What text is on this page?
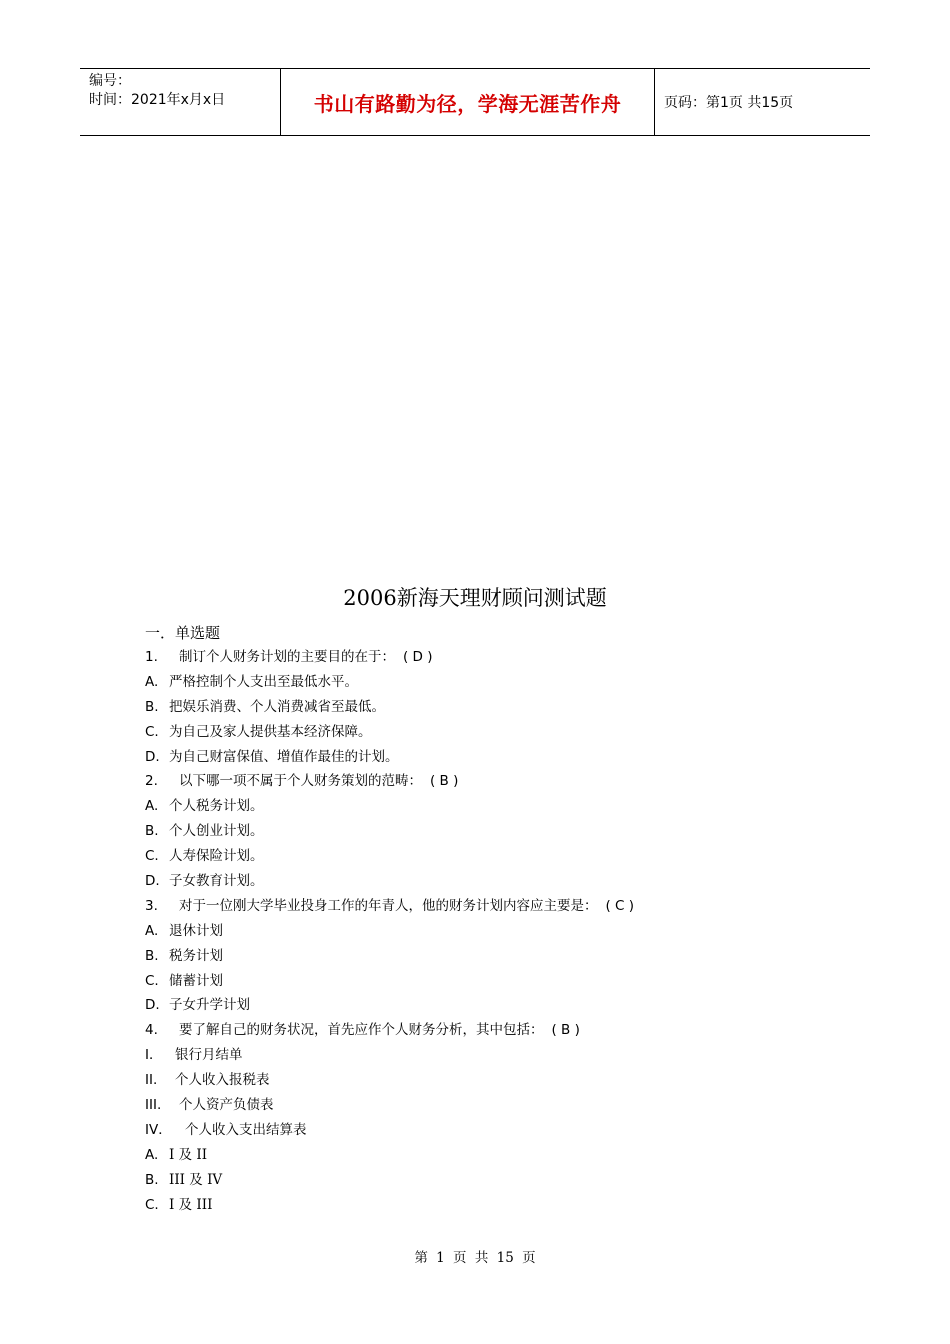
编号：
时间：2021年x月x日	书山有路勤为径，学海无涯苦作舟	页码：第1页 共15页
2006新海天理财顾问测试题
一．单选题
1. 制订个人财务计划的主要目的在于： ( D )
A. 严格控制个人支出至最低水平。
B. 把娱乐消费、个人消费减省至最低。
C. 为自己及家人提供基本经济保障。
D. 为自己财富保值、增值作最佳的计划。
2. 以下哪一项不属于个人财务策划的范畴： ( B )
A. 个人税务计划。
B. 个人创业计划。
C. 人寿保险计划。
D. 子女教育计划。
3. 对于一位刚大学毕业投身工作的年青人，他的财务计划内容应主要是： ( C )
A. 退休计划
B. 税务计划
C. 储蓄计划
D. 子女升学计划
4. 要了解自己的财务状况，首先应作个人财务分析，其中包括： ( B )
I． 银行月结单
II. 个人收入报税表
III. 个人资产负债表
IV． 个人收入支出结算表
A. I 及 II
B. III 及 IV
C. I 及 III
第 1 页 共 15 页
